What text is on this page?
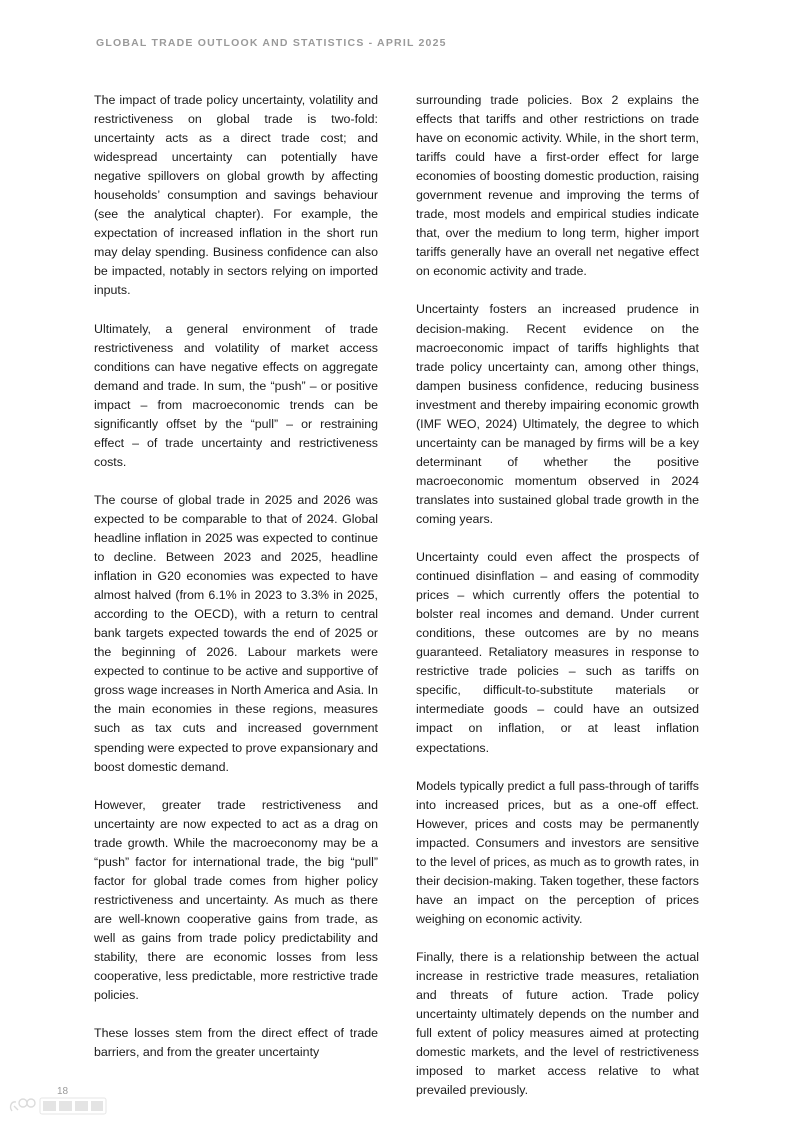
GLOBAL TRADE OUTLOOK AND STATISTICS - APRIL 2025

The impact of trade policy uncertainty, volatility and restrictiveness on global trade is two-fold: uncertainty acts as a direct trade cost; and widespread uncertainty can potentially have negative spillovers on global growth by affecting households’ consumption and savings behaviour (see the analytical chapter). For example, the expectation of increased inflation in the short run may delay spending. Business confidence can also be impacted, notably in sectors relying on imported inputs.

Ultimately, a general environment of trade restrictiveness and volatility of market access conditions can have negative effects on aggregate demand and trade. In sum, the “push” – or positive impact – from macroeconomic trends can be significantly offset by the “pull” – or restraining effect – of trade uncertainty and restrictiveness costs.

The course of global trade in 2025 and 2026 was expected to be comparable to that of 2024. Global headline inflation in 2025 was expected to continue to decline. Between 2023 and 2025, headline inflation in G20 economies was expected to have almost halved (from 6.1% in 2023 to 3.3% in 2025, according to the OECD), with a return to central bank targets expected towards the end of 2025 or the beginning of 2026. Labour markets were expected to continue to be active and supportive of gross wage increases in North America and Asia. In the main economies in these regions, measures such as tax cuts and increased government spending were expected to prove expansionary and boost domestic demand.

However, greater trade restrictiveness and uncertainty are now expected to act as a drag on trade growth. While the macroeconomy may be a “push” factor for international trade, the big “pull” factor for global trade comes from higher policy restrictiveness and uncertainty. As much as there are well-known cooperative gains from trade, as well as gains from trade policy predictability and stability, there are economic losses from less cooperative, less predictable, more restrictive trade policies.

These losses stem from the direct effect of trade barriers, and from the greater uncertainty

surrounding trade policies. Box 2 explains the effects that tariffs and other restrictions on trade have on economic activity. While, in the short term, tariffs could have a first-order effect for large economies of boosting domestic production, raising government revenue and improving the terms of trade, most models and empirical studies indicate that, over the medium to long term, higher import tariffs generally have an overall net negative effect on economic activity and trade.

Uncertainty fosters an increased prudence in decision-making. Recent evidence on the macroeconomic impact of tariffs highlights that trade policy uncertainty can, among other things, dampen business confidence, reducing business investment and thereby impairing economic growth (IMF WEO, 2024) Ultimately, the degree to which uncertainty can be managed by firms will be a key determinant of whether the positive macroeconomic momentum observed in 2024 translates into sustained global trade growth in the coming years.

Uncertainty could even affect the prospects of continued disinflation – and easing of commodity prices – which currently offers the potential to bolster real incomes and demand. Under current conditions, these outcomes are by no means guaranteed. Retaliatory measures in response to restrictive trade policies – such as tariffs on specific, difficult-to-substitute materials or intermediate goods – could have an outsized impact on inflation, or at least inflation expectations.

Models typically predict a full pass-through of tariffs into increased prices, but as a one-off effect. However, prices and costs may be permanently impacted. Consumers and investors are sensitive to the level of prices, as much as to growth rates, in their decision-making. Taken together, these factors have an impact on the perception of prices weighing on economic activity.

Finally, there is a relationship between the actual increase in restrictive trade measures, retaliation and threats of future action. Trade policy uncertainty ultimately depends on the number and full extent of policy measures aimed at protecting domestic markets, and the level of restrictiveness imposed to market access relative to what prevailed previously.

18
